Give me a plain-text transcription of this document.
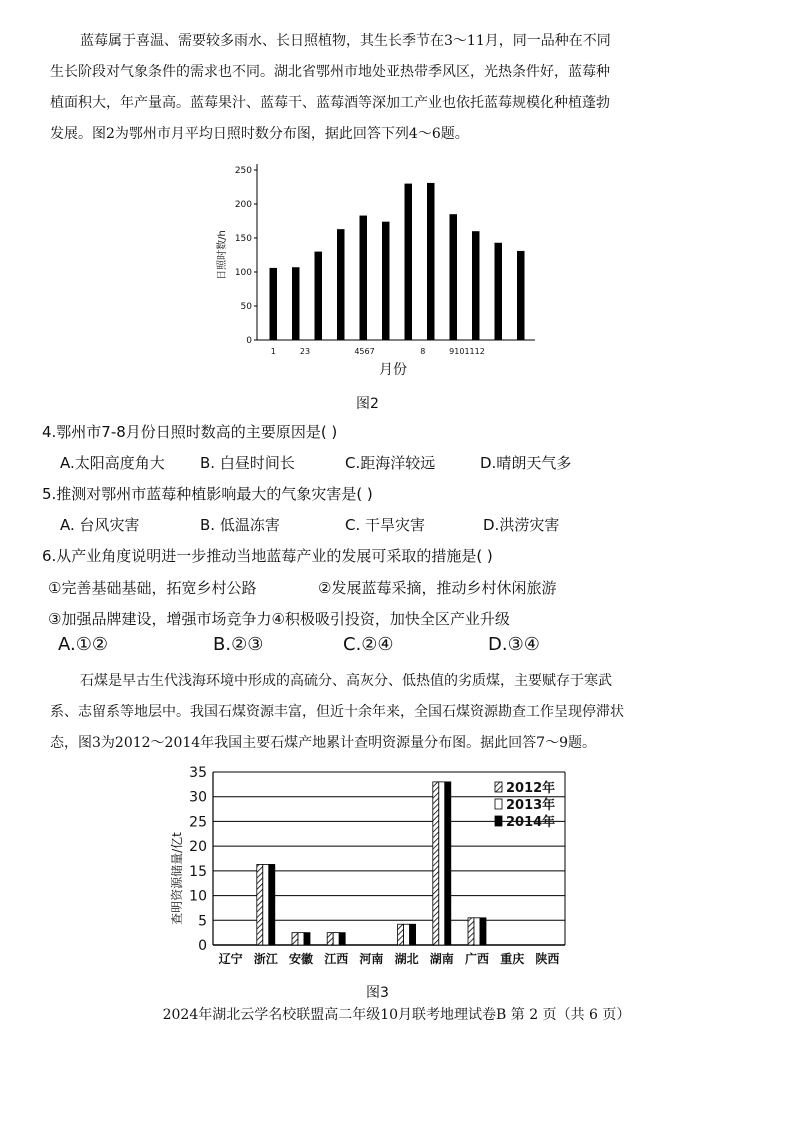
蓝莓属于喜温、需要较多雨水、长日照植物，其生长季节在3～11月，同一品种在不同
生长阶段对气象条件的需求也不同。湖北省鄂州市地处亚热带季风区，光热条件好，蓝莓种
植面积大，年产量高。蓝莓果汁、蓝莓干、蓝莓酒等深加工产业也依托蓝莓规模化种植蓬勃
发展。图2为鄂州市月平均日照时数分布图，据此回答下列4～6题。
0
50
100
150
200
250
1	23	4567	8	9101112
月份
日照时数/h
图2
4.鄂州市7-8月份日照时数高的主要原因是( )
A.太阳高度角大 B. 白昼时间长	C.距海洋较远	D.晴朗天气多
5.推测对鄂州市蓝莓种植影响最大的气象灾害是( )
A. 台风灾害	B. 低温冻害	C. 干旱灾害	D.洪涝灾害
6.从产业角度说明进一步推动当地蓝莓产业的发展可采取的措施是( )
①完善基础基础，拓宽乡村公路	②发展蓝莓采摘，推动乡村休闲旅游
③加强品牌建设，增强市场竞争力④积极吸引投资，加快全区产业升级
A.①②	B.②③	C.②④	D.③④
石煤是早古生代浅海环境中形成的高硫分、高灰分、低热值的劣质煤，主要赋存于寒武
系、志留系等地层中。我国石煤资源丰富，但近十余年来，全国石煤资源勘查工作呈现停滞状
态，图3为2012～2014年我国主要石煤产地累计查明资源量分布图。据此回答7～9题。
0
5
10
15
20
25
30
35
辽宁 浙江 安徽 江西 河南 湖北 湖南 广西 重庆 陕西
查明资源储量/亿t
2012年
2013年
2014年
图3
2024年湖北云学名校联盟高二年级10月联考地理试卷B 第 2 页（共 6 页）
